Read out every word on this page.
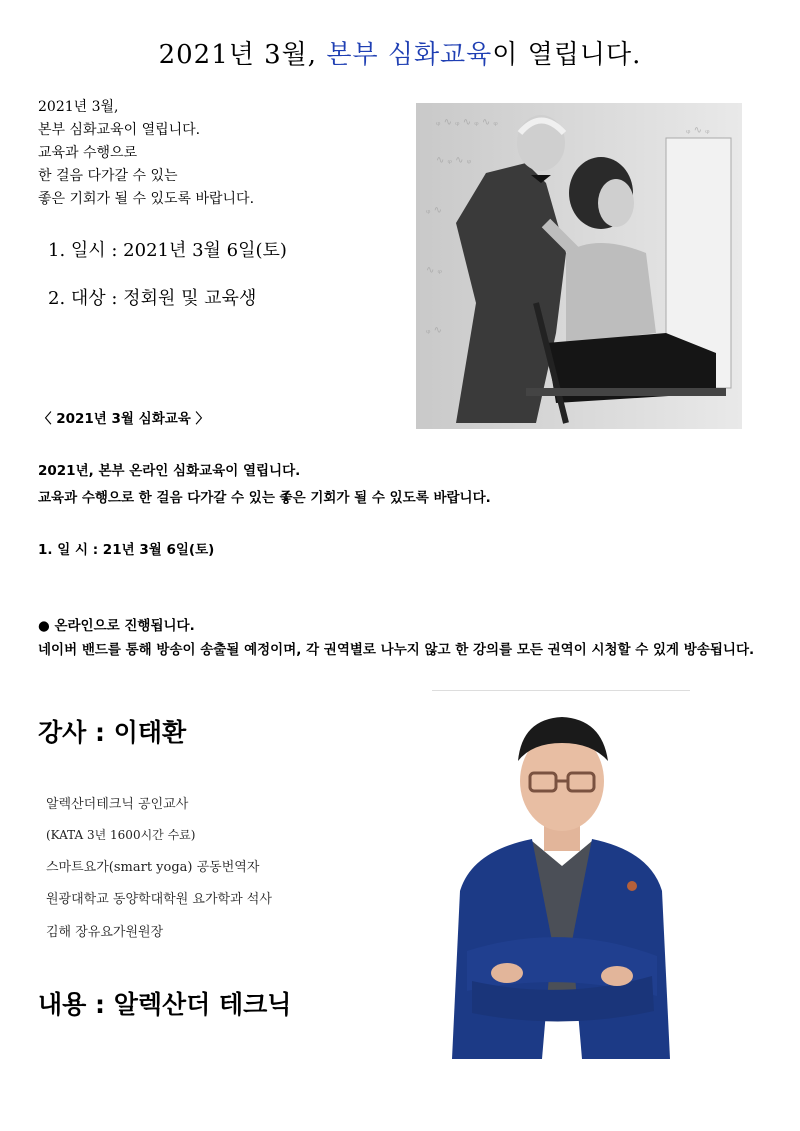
2021년 3월, 본부 심화교육이 열립니다.
2021년 3월,
본부 심화교육이 열립니다.
교육과 수행으로
한 걸음 다가갈 수 있는
좋은 기회가 될 수 있도록 바랍니다.
1. 일시 : 2021년 3월 6일(토)
2. 대상 : 정회원 및 교육생
ᵩ ∿ ᵩ ∿ ᵩ ∿ ᵩ
∿ ᵩ ∿ ᵩ
ᵩ ∿
∿ ᵩ
ᵩ ∿
ᵩ ∿ ᵩ
〈 2021년 3월 심화교육 〉
2021년, 본부 온라인 심화교육이 열립니다.
교육과 수행으로 한 걸음 다가갈 수 있는 좋은 기회가 될 수 있도록 바랍니다.
1. 일 시 : 21년 3월 6일(토)
● 온라인으로 진행됩니다.
네이버 밴드를 통해 방송이 송출될 예정이며, 각 권역별로 나누지 않고 한 강의를 모든 권역이 시청할 수 있게 방송됩니다.
강사 : 이태환
알렉산더테크닉 공인교사
(KATA 3년 1600시간 수료)
스마트요가(smart yoga) 공동번역자
원광대학교 동양학대학원 요가학과 석사
김해 장유요가원원장
내용 : 알렉산더 테크닉
